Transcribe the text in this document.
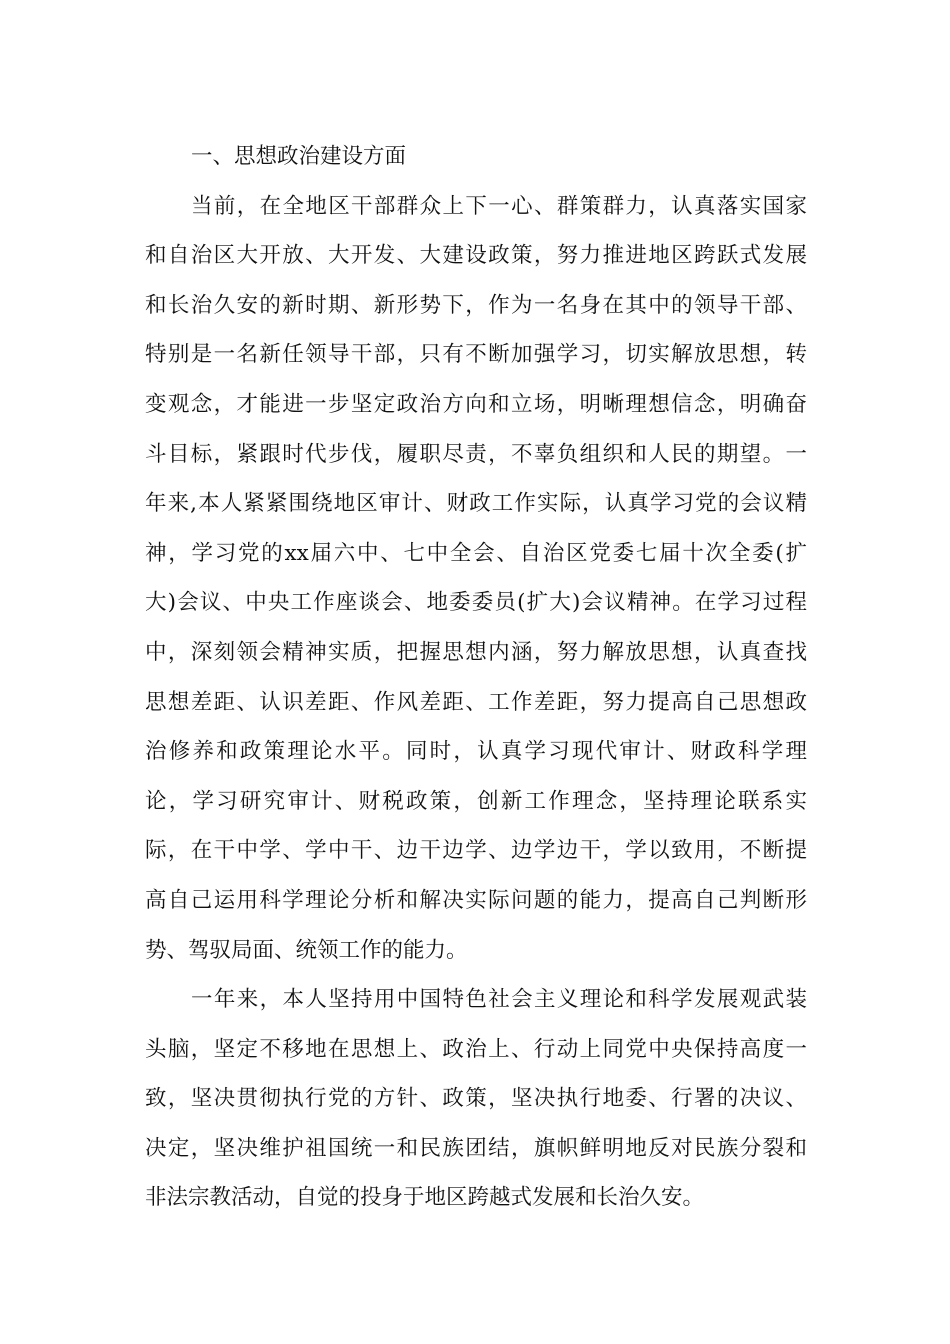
一、思想政治建设方面
当前，在全地区干部群众上下一心、群策群力，认真落实国家
和自治区大开放、大开发、大建设政策，努力推进地区跨跃式发展
和长治久安的新时期、新形势下，作为一名身在其中的领导干部、
特别是一名新任领导干部，只有不断加强学习，切实解放思想，转
变观念，才能进一步坚定政治方向和立场，明晰理想信念，明确奋
斗目标，紧跟时代步伐，履职尽责，不辜负组织和人民的期望。一
年来,本人紧紧围绕地区审计、财政工作实际，认真学习党的会议精
神，学习党的xx届六中、七中全会、自治区党委七届十次全委(扩
大)会议、中央工作座谈会、地委委员(扩大)会议精神。在学习过程
中，深刻领会精神实质，把握思想内涵，努力解放思想，认真查找
思想差距、认识差距、作风差距、工作差距，努力提高自己思想政
治修养和政策理论水平。同时，认真学习现代审计、财政科学理
论，学习研究审计、财税政策，创新工作理念，坚持理论联系实
际，在干中学、学中干、边干边学、边学边干，学以致用，不断提
高自己运用科学理论分析和解决实际问题的能力，提高自己判断形
势、驾驭局面、统领工作的能力。
一年来，本人坚持用中国特色社会主义理论和科学发展观武装
头脑，坚定不移地在思想上、政治上、行动上同党中央保持高度一
致，坚决贯彻执行党的方针、政策，坚决执行地委、行署的决议、
决定，坚决维护祖国统一和民族团结，旗帜鲜明地反对民族分裂和
非法宗教活动，自觉的投身于地区跨越式发展和长治久安。
